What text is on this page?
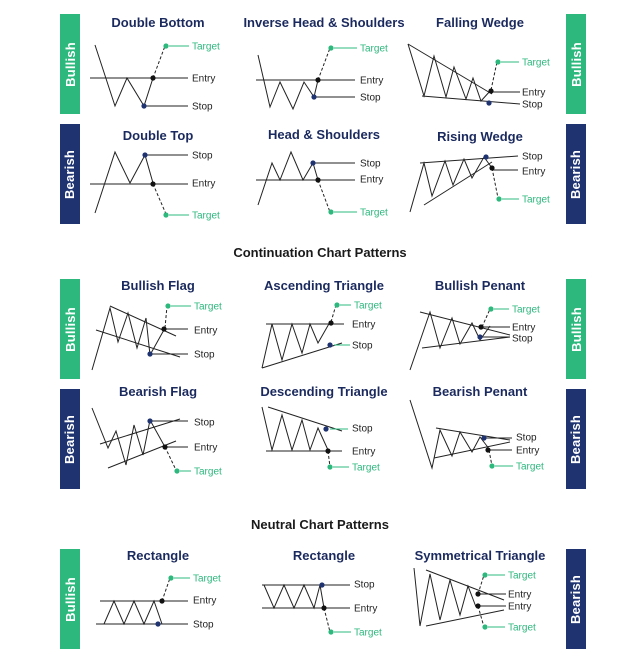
Bullish
Bearish
Bullish
Bearish
Bullish
Bearish
Bullish
Bearish
Bullish	Bearish
Continuation Chart Patterns
Neutral Chart Patterns
Double Bottom	Inverse Head & Shoulders	Falling Wedge
Double Top	Head & Shoulders	Rising Wedge
Bullish Flag	Ascending Triangle	Bullish Penant
Bearish Flag	Descending Triangle	Bearish Penant
Rectangle	Rectangle	Symmetrical Triangle
Target
Entry
Stop
Target
Entry
Stop
Target
Entry
Stop
Target
Stop
Entry
Target
Stop
Entry
Target
Stop
Entry
Target
Entry
Stop
Target
Entry
Stop
Target
Entry
Stop
Target
Stop
Entry
Target
Stop
Entry
Target
Stop
Entry
Target
Entry
Stop
Target
Stop
Entry
Target
Target
Entry
Entry
